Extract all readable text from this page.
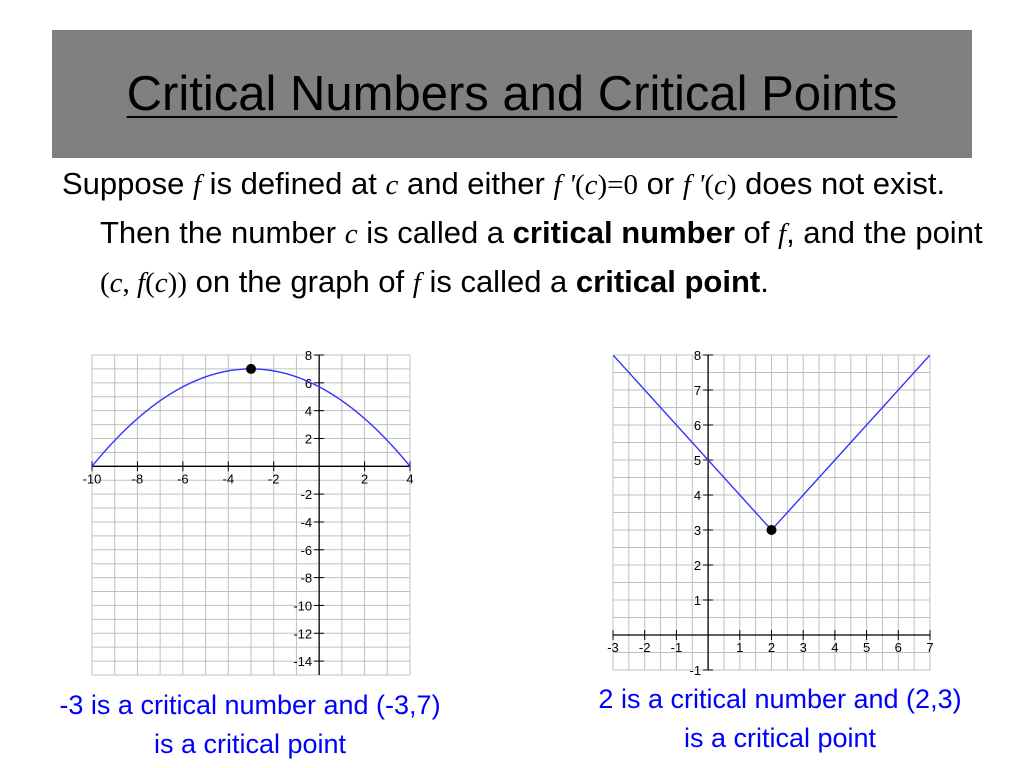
Critical Numbers and Critical Points

Suppose f is defined at c and either f '(c)=0 or f '(c) does not exist. Then the number c is called a critical number of f, and the point (c, f(c)) on the graph of f is called a critical point.

-10 -8	-6	-4	-2	2	4
8
6
4
2
-2
-4
-6
-8
-10
-12
-14
-3 -2 -1	1 2 3 4 5 6 7
8
7
6
5
4
3
2
1
-1
-3 is a critical number and (-3,7)
is a critical point
2 is a critical number and (2,3)
is a critical point
